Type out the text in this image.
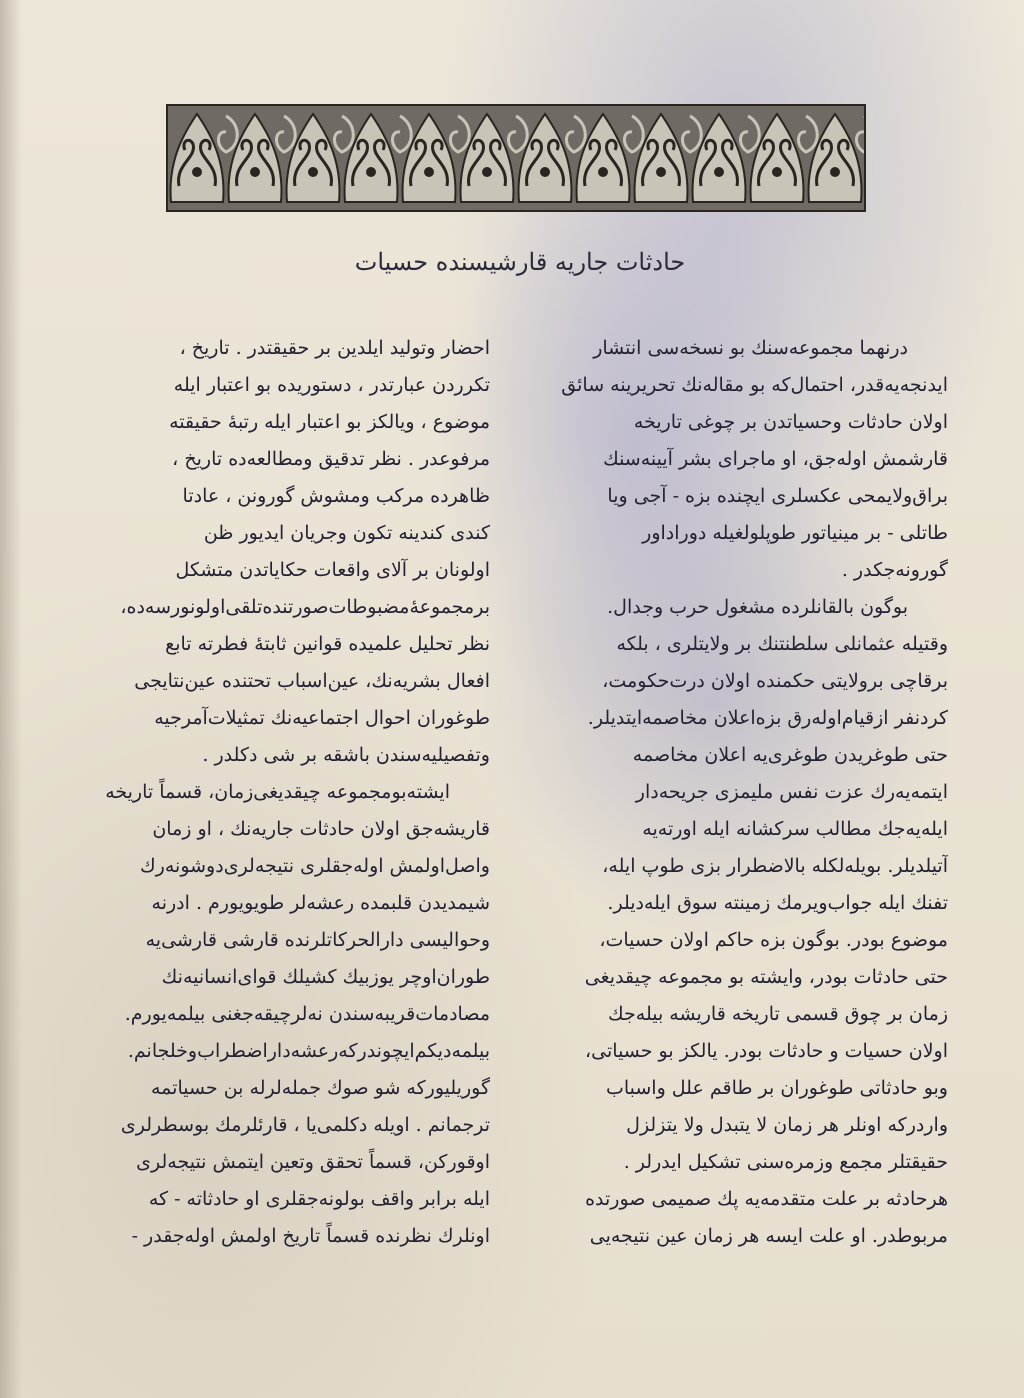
حادثات جاریه قارشیسنده حسیات
درنهما مجموعه‌سنك بو نسخه‌سی انتشار
ایدنجه‌یه‌قدر، احتمال‌که بو مقاله‌نك تحریرینه سائق
اولان حادثات وحسیاتدن بر چوغی تاریخه
قارشمش اوله‌جق، او ماجرای بشر آیینه‌سنك
براق‌ولایمحی عکسلری ایچنده بزه - آجی ویا
طاتلی - بر مینیاتور طوپلولغیله دوراداور
گورونه‌جکدر .
بوگون بالقانلرده مشغول حرب وجدال.
وقتیله عثمانلی سلطنتنك بر ولایتلری ، بلکه
برقاچی برولایتی حکمنده اولان درت‌حکومت،
کردنفر ازقیام‌اوله‌رق بزه‌اعلان مخاصمه‌ایتدیلر.
حتی طوغریدن طوغری‌یه اعلان مخاصمه
ایتمه‌یه‌رك عزت نفس ملیمزی جریحه‌دار
ایله‌یه‌جك مطالب سرکشانه ایله اورته‌یه
آتیلدیلر. بویله‌لکله بالاضطرار بزی طوپ ایله،
تفنك ایله جواب‌ویرمك زمینته سوق ایله‌دیلر.
موضوع بودر. بوگون بزه حاکم اولان حسیات،
حتی حادثات بودر، وایشته بو مجموعه چیقدیغی
زمان بر چوق قسمی تاریخه قاریشه بیله‌جك
اولان حسیات و حادثات بودر. یالکز بو حسیاتی،
وبو حادثاتی طوغوران بر طاقم علل واسباب
واردرکه اونلر هر زمان لا یتبدل ولا یتزلزل
حقیقتلر مجمع وزمره‌سنی تشکیل ایدرلر .
هرحادثه بر علت متقدمه‌یه پك صمیمی صورتده
مربوطدر. او علت ایسه هر زمان عین نتیجه‌یی
احضار وتولید ایلدین بر حقیقتدر . تاریخ ،
تکرردن عبارتدر ، دستوریده بو اعتبار ایله
موضوع ، ویالکز بو اعتبار ایله رتبهٔ حقیقته
مرفوعدر . نظر تدقیق ومطالعه‌ده تاریخ ،
ظاهرده مرکب ومشوش گورونن ، عادتا
کندی کندینه تکون وجریان ایدیور ظن
اولونان بر آلای واقعات حکایاتدن متشکل
برمجموعهٔ‌مضبوطات‌صورتنده‌تلقی‌اولونورسه‌ده،
نظر تحلیل علمیده قوانین ثابتهٔ فطرته تابع
افعال بشریه‌نك، عین‌اسباب تحتنده عین‌نتایجی
طوغوران احوال اجتماعیه‌نك تمثیلات‌آمرجیه
وتفصیلیه‌سندن باشقه بر شی دکلدر .
ایشته‌بومجموعه چیقدیغی‌زمان، قسماً تاریخه
قاریشه‌جق اولان حادثات جاریه‌نك ، او زمان
واصل‌اولمش اوله‌جقلری نتیجه‌لری‌دوشونه‌رك
شیمدیدن قلبمده رعشه‌لر طویویورم . ادرنه
وحوالیسی دارالحرکاتلرنده قارشی قارشی‌یه
طوران‌اوچر یوزبیك کشیلك قوای‌انسانیه‌نك
مصادمات‌قریبه‌سندن نه‌لرچیقه‌جغنی بیلمه‌یورم.
بیلمه‌دیکم‌ایچوندرکه‌رعشه‌دار‌اضطراب‌وخلجانم.
گوریلیورکه شو صوك جمله‌لرله بن حسیاتمه
ترجمانم . اویله دکلمی‌یا ، قارئلرمك بوسطرلری
اوقورکن، قسماً تحقق وتعین ایتمش نتیجه‌لری
ایله برابر واقف بولونه‌جقلری او حادثاته - که
اونلرك نظرنده قسماً تاریخ اولمش اوله‌جقدر -
